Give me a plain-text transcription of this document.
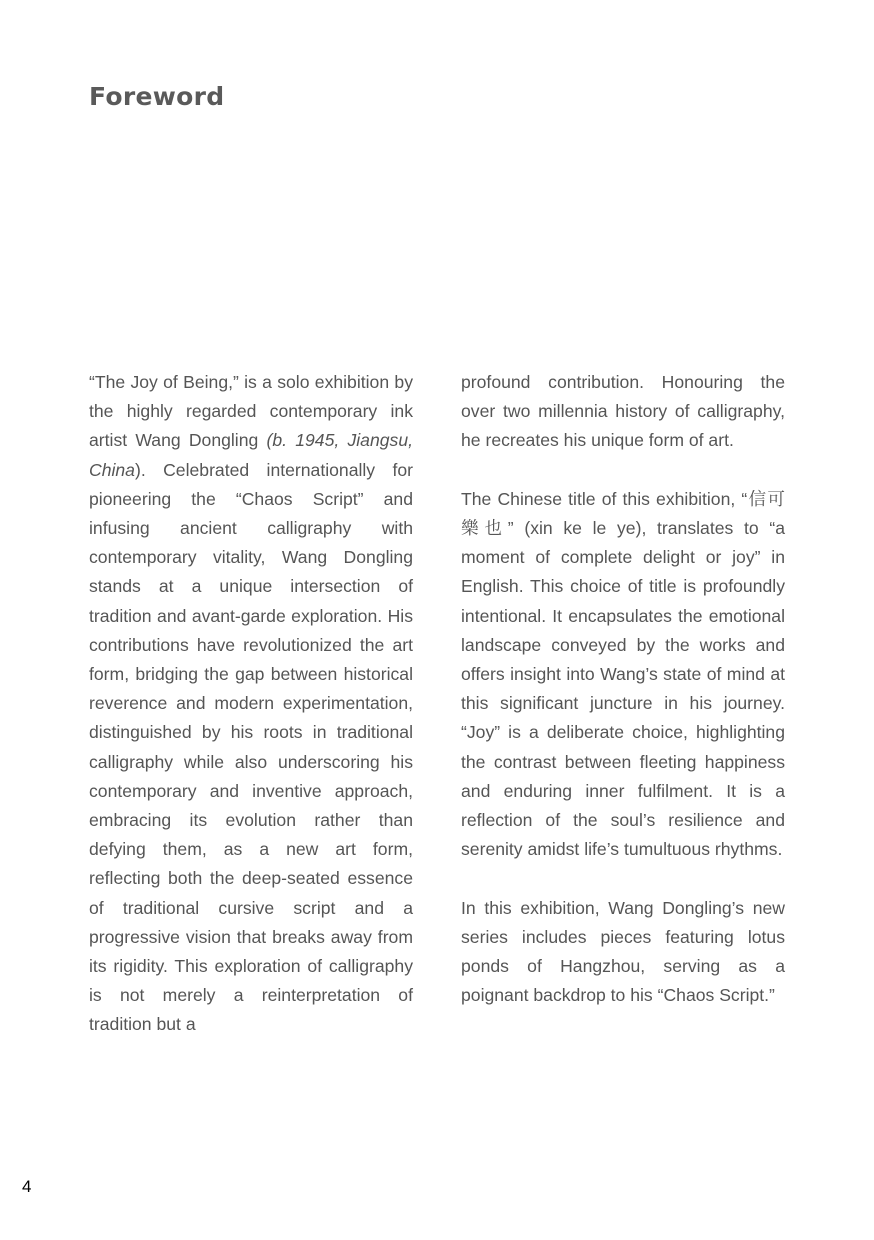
Foreword

“The Joy of Being,” is a solo exhibition by the highly regarded contemporary ink artist Wang Dongling (b. 1945, Jiangsu, China). Celebrated internationally for pioneering the “Chaos Script” and infusing ancient calligraphy with contemporary vitality, Wang Dongling stands at a unique intersection of tradition and avant-garde exploration. His contributions have revolutionized the art form, bridging the gap between historical reverence and modern experimentation, distinguished by his roots in traditional calligraphy while also underscoring his contemporary and inventive approach, embracing its evolution rather than defying them, as a new art form, reflecting both the deep-seated essence of traditional cursive script and a progressive vision that breaks away from its rigidity. This exploration of calligraphy is not merely a reinterpretation of tradition but a

profound contribution. Honouring the over two millennia history of calligraphy, he recreates his unique form of art.

The Chinese title of this exhibition, “信可樂也” (xin ke le ye), translates to “a moment of complete delight or joy” in English. This choice of title is profoundly intentional. It encapsulates the emotional landscape conveyed by the works and offers insight into Wang’s state of mind at this significant juncture in his journey. “Joy” is a deliberate choice, highlighting the contrast between fleeting happiness and enduring inner fulfilment. It is a reflection of the soul’s resilience and serenity amidst life’s tumultuous rhythms.

In this exhibition, Wang Dongling’s new series includes pieces featuring lotus ponds of Hangzhou, serving as a poignant backdrop to his “Chaos Script.”

4
